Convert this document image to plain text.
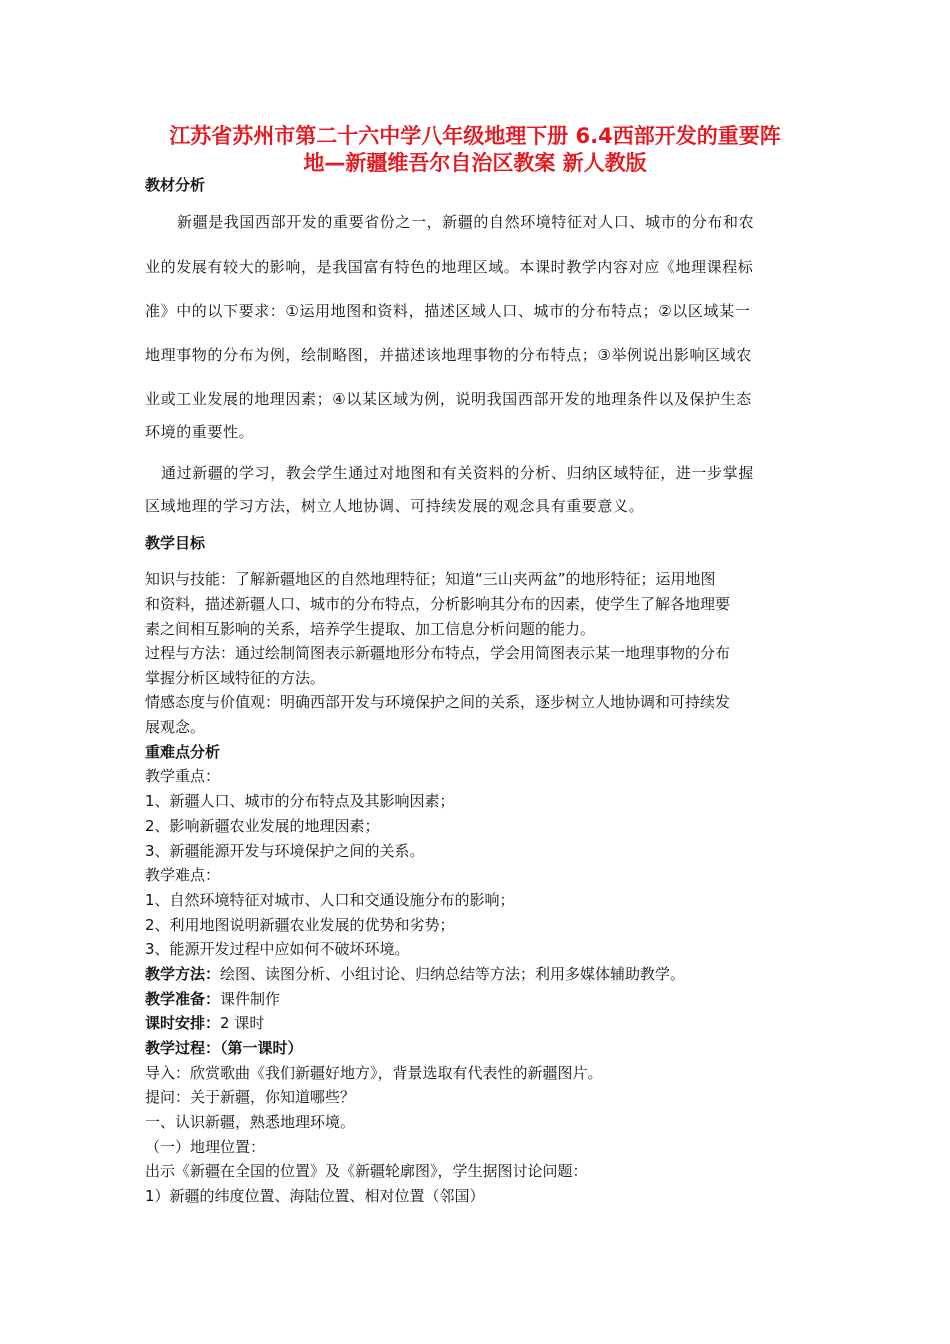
江苏省苏州市第二十六中学八年级地理下册 6.4西部开发的重要阵
地—新疆维吾尔自治区教案 新人教版
教材分析
新疆是我国西部开发的重要省份之一，新疆的自然环境特征对人口、城市的分布和农
业的发展有较大的影响，是我国富有特色的地理区域。本课时教学内容对应《地理课程标
准》中的以下要求：①运用地图和资料，描述区域人口、城市的分布特点；②以区域某一
地理事物的分布为例，绘制略图，并描述该地理事物的分布特点；③举例说出影响区域农
业或工业发展的地理因素；④以某区域为例，说明我国西部开发的地理条件以及保护生态
环境的重要性。
通过新疆的学习，教会学生通过对地图和有关资料的分析、归纳区域特征，进一步掌握
区域地理的学习方法，树立人地协调、可持续发展的观念具有重要意义。
教学目标
知识与技能：了解新疆地区的自然地理特征；知道“三山夹两盆”的地形特征；运用地图
和资料，描述新疆人口、城市的分布特点，分析影响其分布的因素，使学生了解各地理要
素之间相互影响的关系，培养学生提取、加工信息分析问题的能力。
过程与方法：通过绘制简图表示新疆地形分布特点，学会用简图表示某一地理事物的分布
掌握分析区域特征的方法。
情感态度与价值观：明确西部开发与环境保护之间的关系，逐步树立人地协调和可持续发
展观念。
重难点分析
教学重点：
1、新疆人口、城市的分布特点及其影响因素；
2、影响新疆农业发展的地理因素；
3、新疆能源开发与环境保护之间的关系。
教学难点：
1、自然环境特征对城市、人口和交通设施分布的影响；
2、利用地图说明新疆农业发展的优势和劣势；
3、能源开发过程中应如何不破坏环境。
教学方法：绘图、读图分析、小组讨论、归纳总结等方法；利用多媒体辅助教学。
教学准备：课件制作
课时安排：2 课时
教学过程：（第一课时）
导入：欣赏歌曲《我们新疆好地方》，背景选取有代表性的新疆图片。
提问：关于新疆，你知道哪些？
一、认识新疆，熟悉地理环境。
（一）地理位置：
出示《新疆在全国的位置》及《新疆轮廓图》，学生据图讨论问题：
1）新疆的纬度位置、海陆位置、相对位置（邻国）
